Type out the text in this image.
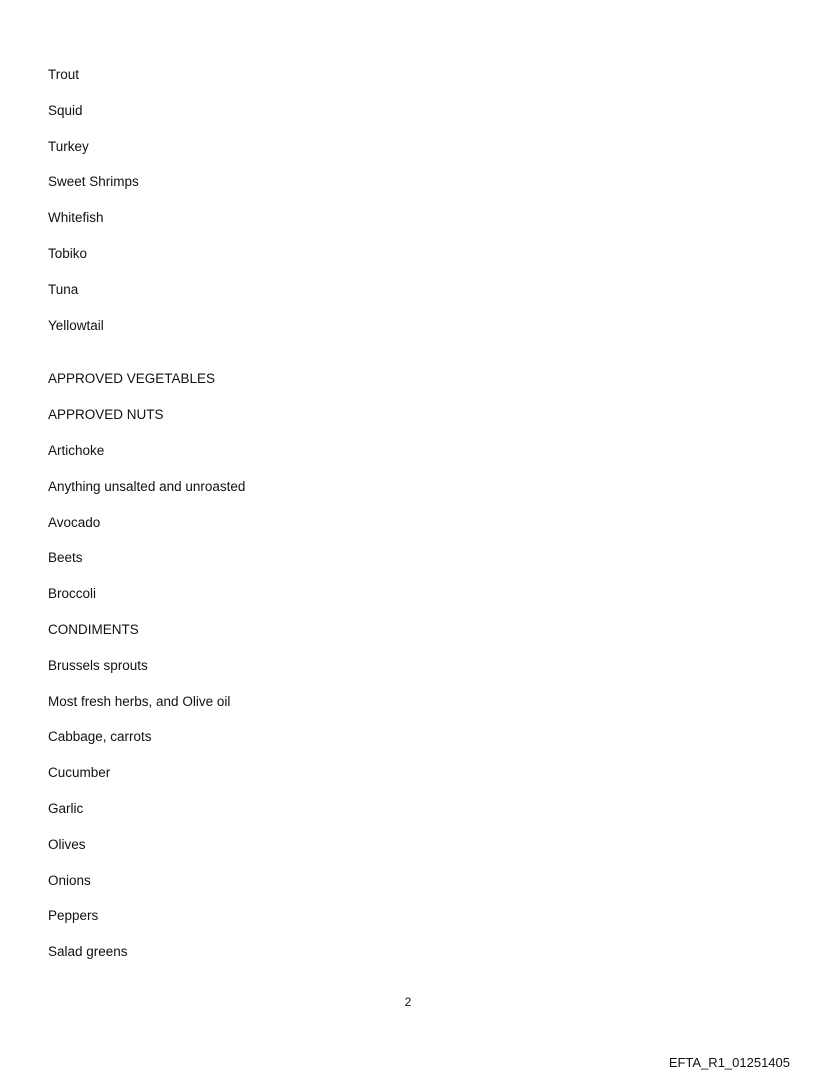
Trout
Squid
Turkey
Sweet Shrimps
Whitefish
Tobiko
Tuna
Yellowtail
APPROVED VEGETABLES
APPROVED NUTS
Artichoke
Anything unsalted and unroasted
Avocado
Beets
Broccoli
CONDIMENTS
Brussels sprouts
Most fresh herbs, and Olive oil
Cabbage, carrots
Cucumber
Garlic
Olives
Onions
Peppers
Salad greens
2
EFTA_R1_01251405
